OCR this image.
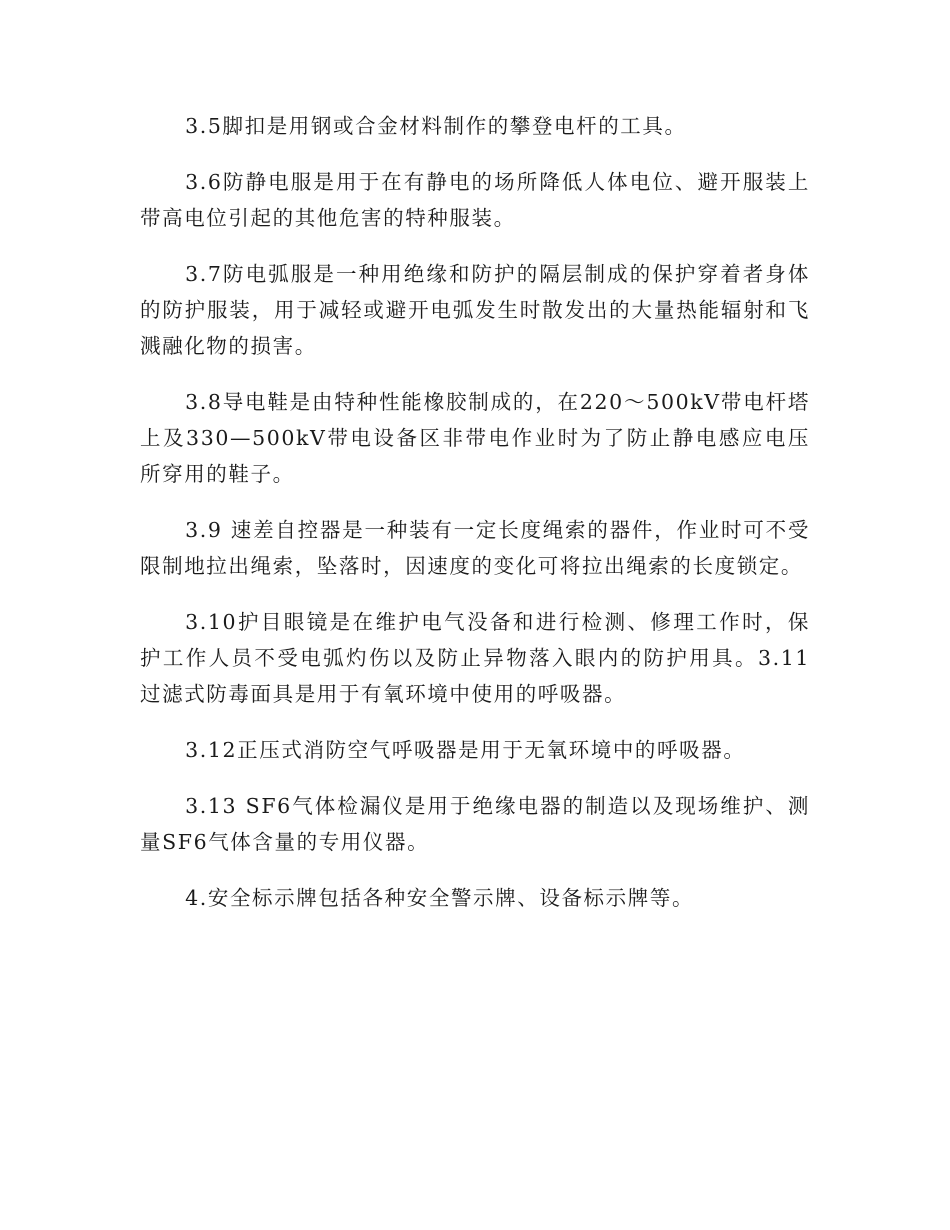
3.5脚扣是用钢或合金材料制作的攀登电杆的工具。

3.6防静电服是用于在有静电的场所降低人体电位、避开服装上带高电位引起的其他危害的特种服装。

3.7防电弧服是一种用绝缘和防护的隔层制成的保护穿着者身体的防护服装，用于减轻或避开电弧发生时散发出的大量热能辐射和飞溅融化物的损害。

3.8导电鞋是由特种性能橡胶制成的，在220～500kV带电杆塔上及330—500kV带电设备区非带电作业时为了防止静电感应电压所穿用的鞋子。

3.9 速差自控器是一种装有一定长度绳索的器件，作业时可不受限制地拉出绳索，坠落时，因速度的变化可将拉出绳索的长度锁定。

3.10护目眼镜是在维护电气没备和进行检测、修理工作时，保护工作人员不受电弧灼伤以及防止异物落入眼内的防护用具。3.11过滤式防毒面具是用于有氧环境中使用的呼吸器。

3.12正压式消防空气呼吸器是用于无氧环境中的呼吸器。

3.13 SF6气体检漏仪是用于绝缘电器的制造以及现场维护、测量SF6气体含量的专用仪器。

4.安全标示牌包括各种安全警示牌、设备标示牌等。
